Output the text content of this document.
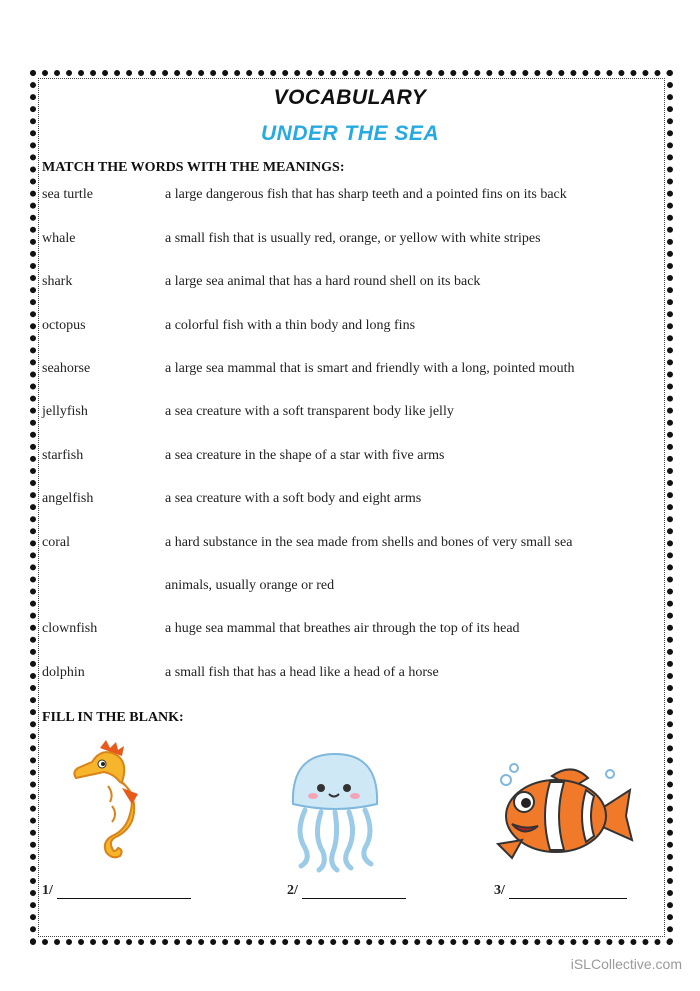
VOCABULARY
UNDER THE SEA
MATCH THE WORDS WITH THE MEANINGS:
sea turtle	a large dangerous fish that has sharp teeth and a pointed fins on its back
whale	a small fish that is usually red, orange, or yellow with white stripes
shark	a large sea animal that has a hard round shell on its back
octopus	a colorful fish with a thin body and long fins
seahorse	a large sea mammal that is smart and friendly with a long, pointed mouth
jellyfish	a sea creature with a soft transparent body like jelly
starfish	a sea creature in the shape of a star with five arms
angelfish	a sea creature with a soft body and eight arms
coral	a hard substance in the sea made from shells and bones of very small sea
animals, usually orange or red
clownfish	a huge sea mammal that breathes air through the top of its head
dolphin	a small fish that has a head like a head of a horse
FILL IN THE BLANK:
1/	2/	3/
iSLCollective.com
